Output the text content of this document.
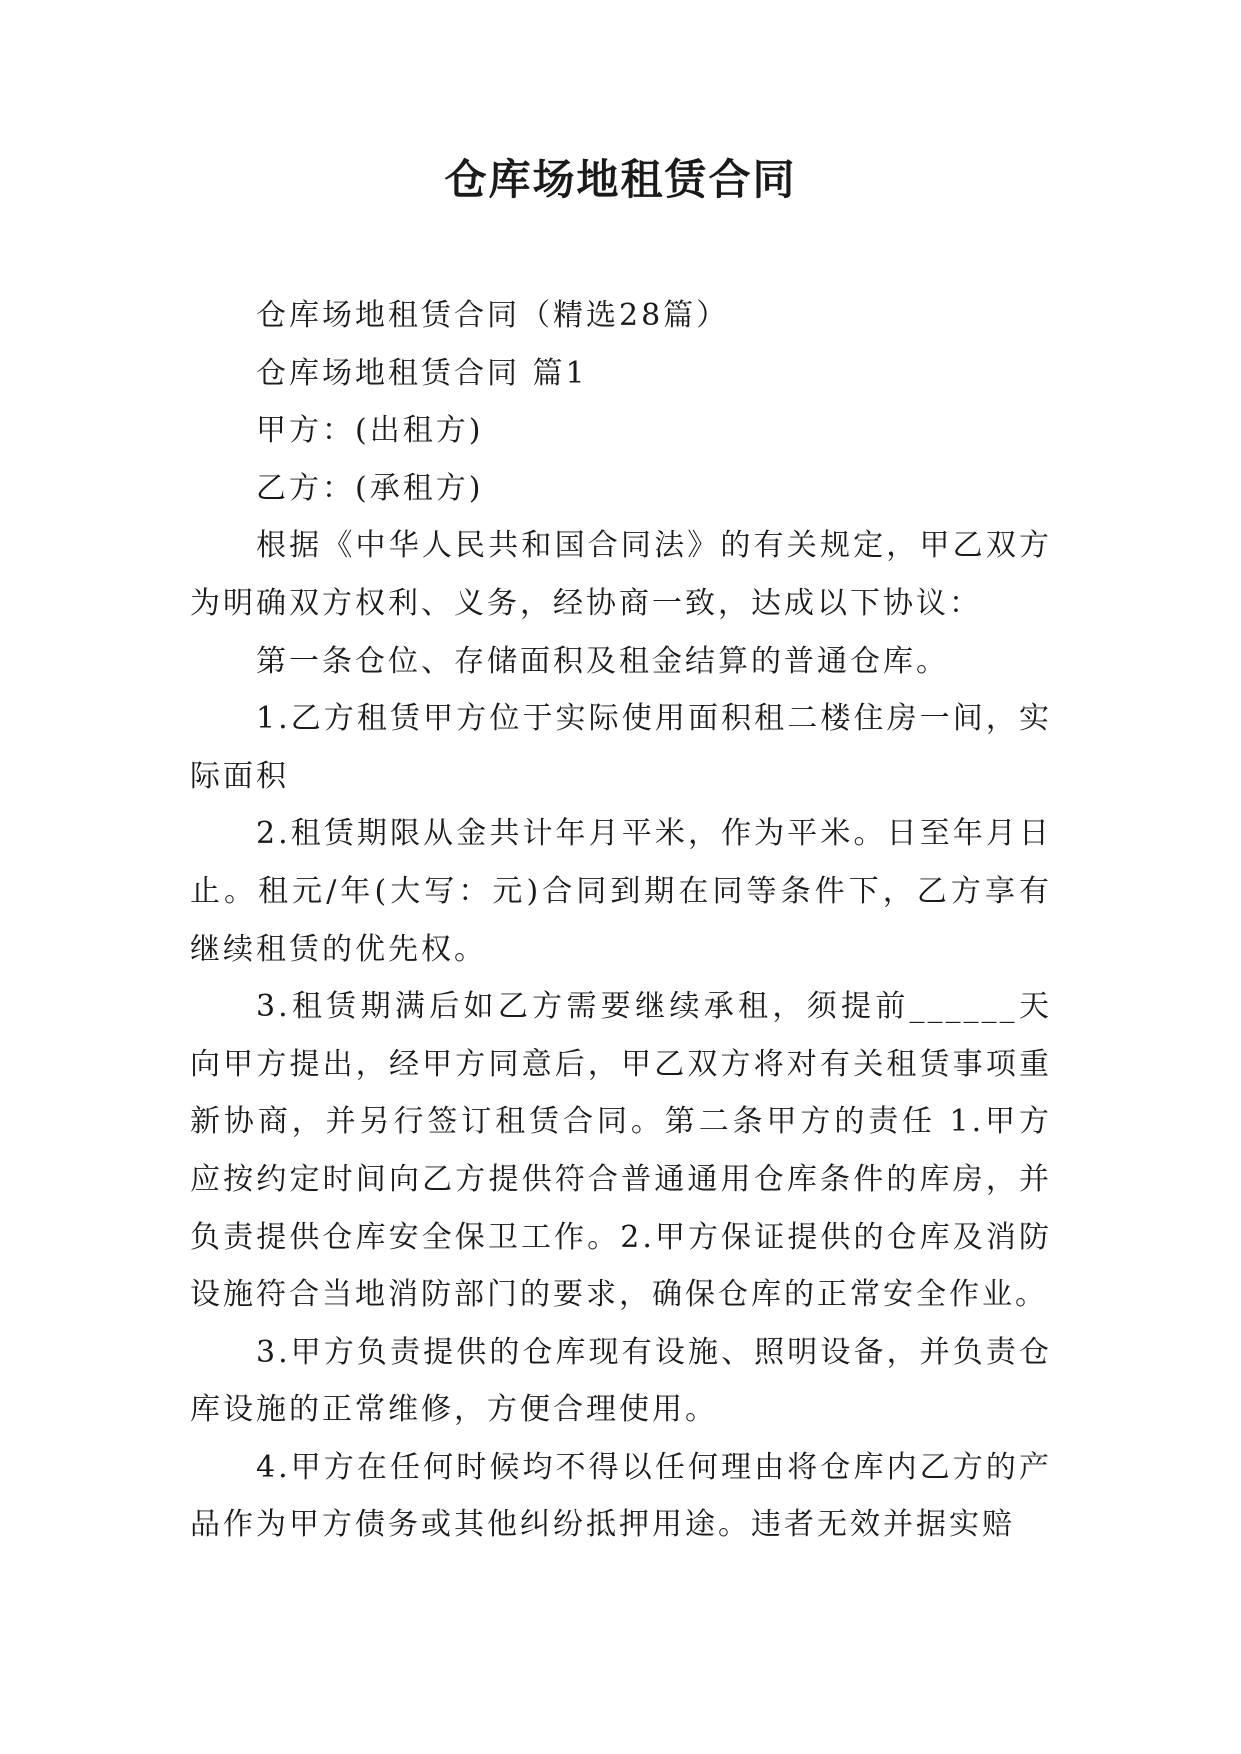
仓库场地租赁合同

仓库场地租赁合同（精选28篇）

仓库场地租赁合同 篇1

甲方：(出租方)

乙方：(承租方)

根据《中华人民共和国合同法》的有关规定，甲乙双方为明确双方权利、义务，经协商一致，达成以下协议：

第一条仓位、存储面积及租金结算的普通仓库。

1.乙方租赁甲方位于实际使用面积租二楼住房一间，实际面积

2.租赁期限从金共计年月平米，作为平米。日至年月日止。租元/年(大写：元)合同到期在同等条件下，乙方享有继续租赁的优先权。

3.租赁期满后如乙方需要继续承租，须提前______天向甲方提出，经甲方同意后，甲乙双方将对有关租赁事项重新协商，并另行签订租赁合同。第二条甲方的责任 1.甲方应按约定时间向乙方提供符合普通通用仓库条件的库房，并负责提供仓库安全保卫工作。2.甲方保证提供的仓库及消防设施符合当地消防部门的要求，确保仓库的正常安全作业。

3.甲方负责提供的仓库现有设施、照明设备，并负责仓库设施的正常维修，方便合理使用。

4.甲方在任何时候均不得以任何理由将仓库内乙方的产品作为甲方债务或其他纠纷抵押用途。违者无效并据实赔
